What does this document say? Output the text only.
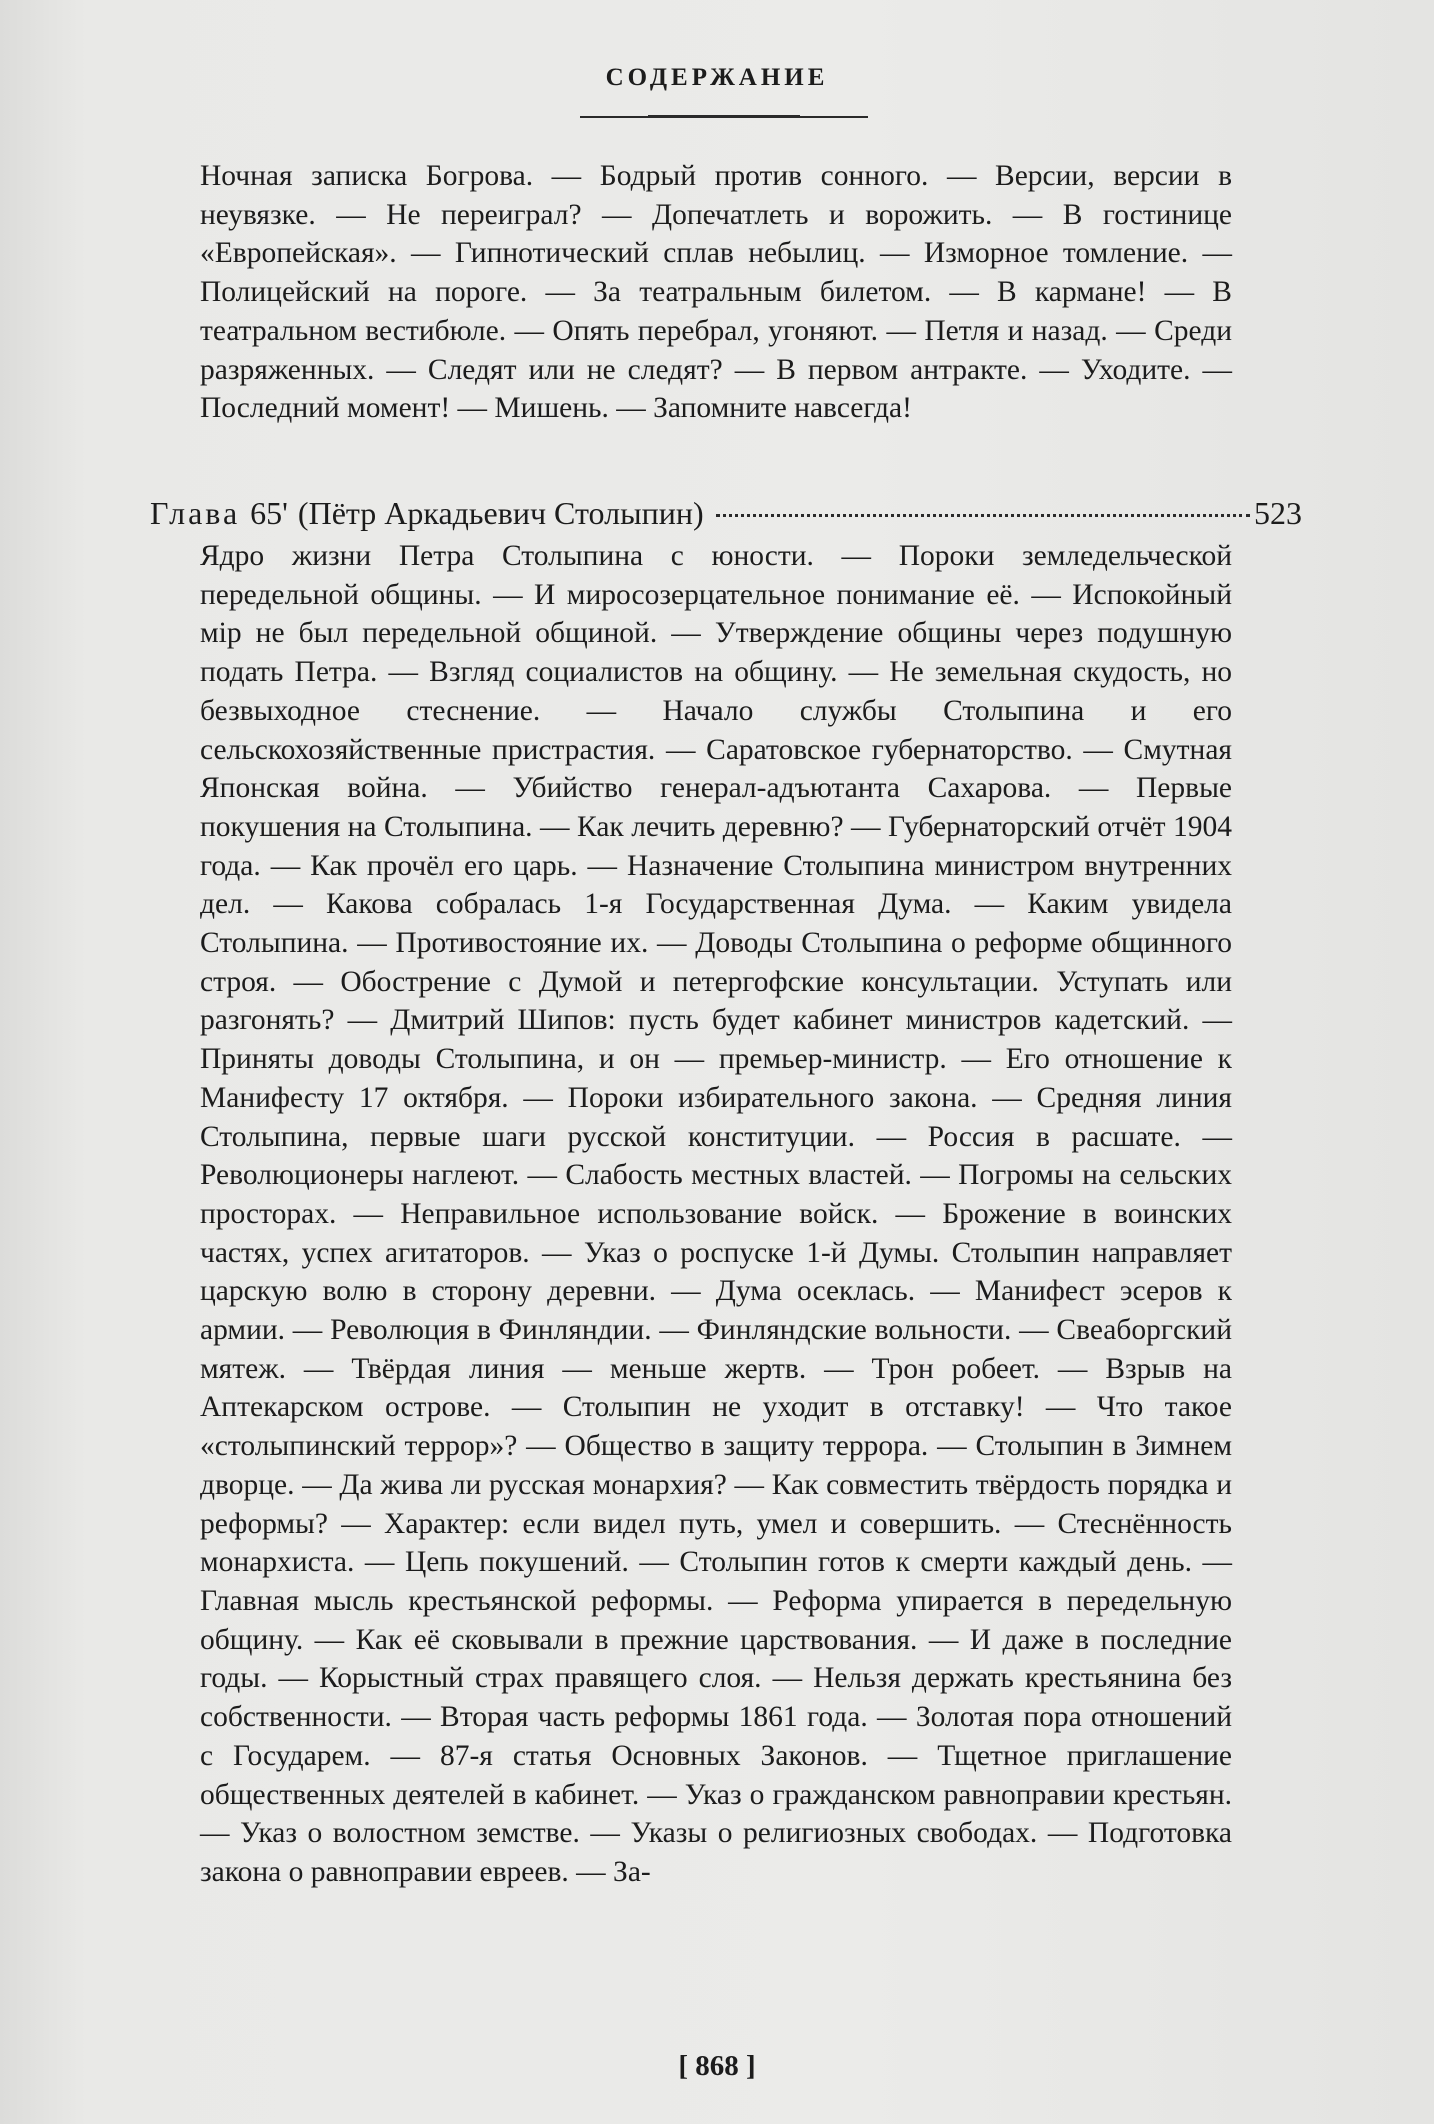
СОДЕРЖАНИЕ
Ночная записка Богрова. — Бодрый против сонного. — Версии, версии в неувязке. — Не переиграл? — Допечатлеть и ворожить. — В гостинице «Европейская». — Гипнотический сплав небылиц. — Изморное томление. — Полицейский на пороге. — За театральным билетом. — В кармане! — В театральном вестибюле. — Опять перебрал, угоняют. — Петля и назад. — Среди разряженных. — Следят или не следят? — В первом антракте. — Уходите. — Последний момент! — Мишень. — Запомните навсегда!
Глава 65' (Пётр Аркадьевич Столыпин)	523
Ядро жизни Петра Столыпина с юности. — Пороки земледельческой передельной общины. — И миросозерцательное понимание её. — Испокойный мір не был передельной общиной. — Утверждение общины через подушную подать Петра. — Взгляд социалистов на общину. — Не земельная скудость, но безвыходное стеснение. — Начало службы Столыпина и его сельскохозяйственные пристрастия. — Саратовское губернаторство. — Смутная Японская война. — Убийство генерал-адъютанта Сахарова. — Первые покушения на Столыпина. — Как лечить деревню? — Губернаторский отчёт 1904 года. — Как прочёл его царь. — Назначение Столыпина министром внутренних дел. — Какова собралась 1-я Государственная Дума. — Каким увидела Столыпина. — Противостояние их. — Доводы Столыпина о реформе общинного строя. — Обострение с Думой и петергофские консультации. Уступать или разгонять? — Дмитрий Шипов: пусть будет кабинет министров кадетский. — Приняты доводы Столыпина, и он — премьер-министр. — Его отношение к Манифесту 17 октября. — Пороки избирательного закона. — Средняя линия Столыпина, первые шаги русской конституции. — Россия в расшате. — Революционеры наглеют. — Слабость местных властей. — Погромы на сельских просторах. — Неправильное использование войск. — Брожение в воинских частях, успех агитаторов. — Указ о роспуске 1-й Думы. Столыпин направляет царскую волю в сторону деревни. — Дума осеклась. — Манифест эсеров к армии. — Революция в Финляндии. — Финляндские вольности. — Свеаборгский мятеж. — Твёрдая линия — меньше жертв. — Трон робеет. — Взрыв на Аптекарском острове. — Столыпин не уходит в отставку! — Что такое «столыпинский террор»? — Общество в защиту террора. — Столыпин в Зимнем дворце. — Да жива ли русская монархия? — Как совместить твёрдость порядка и реформы? — Характер: если видел путь, умел и совершить. — Стеснённость монархиста. — Цепь покушений. — Столыпин готов к смерти каждый день. — Главная мысль крестьянской реформы. — Реформа упирается в передельную общину. — Как её сковывали в прежние царствования. — И даже в последние годы. — Корыстный страх правящего слоя. — Нельзя держать крестьянина без собственности. — Вторая часть реформы 1861 года. — Золотая пора отношений с Государем. — 87-я статья Основных Законов. — Тщетное приглашение общественных деятелей в кабинет. — Указ о гражданском равноправии крестьян. — Указ о волостном земстве. — Указы о религиозных свободах. — Подготовка закона о равноправии евреев. — За-
[ 868 ]
